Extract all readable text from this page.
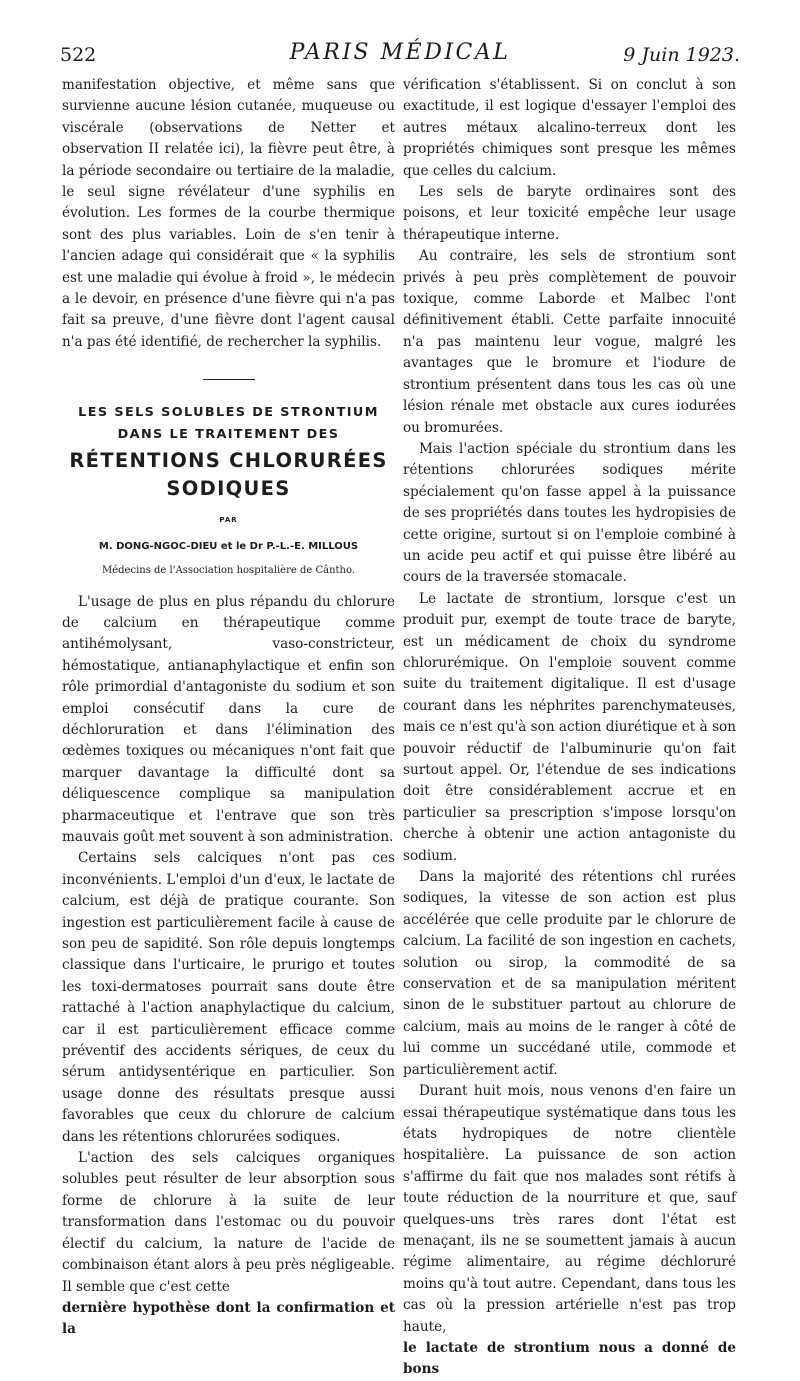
522	PARIS MÉDICAL	9 Juin 1923.

manifestation objective, et même sans que survienne aucune lésion cutanée, muqueuse ou viscérale (observations de Netter et observation II relatée ici), la fièvre peut être, à la période secondaire ou tertiaire de la maladie, le seul signe révélateur d'une syphilis en évolution. Les formes de la courbe thermique sont des plus variables. Loin de s'en tenir à l'ancien adage qui considérait que « la syphilis est une maladie qui évolue à froid », le médecin a le devoir, en présence d'une fièvre qui n'a pas fait sa preuve, d'une fièvre dont l'agent causal n'a pas été identifié, de rechercher la syphilis.

LES SELS SOLUBLES DE STRONTIUM
DANS LE TRAITEMENT DES
RÉTENTIONS CHLORURÉES
SODIQUES
PAR
M. DONG-NGOC-DIEU et le Dr P.-L.-E. MILLOUS
Médecins de l'Association hospitalière de Cântho.

L'usage de plus en plus répandu du chlorure de calcium en thérapeutique comme antihémolysant, vaso-constricteur, hémostatique, antianaphylactique et enfin son rôle primordial d'antagoniste du sodium et son emploi consécutif dans la cure de déchloruration et dans l'élimination des œdèmes toxiques ou mécaniques n'ont fait que marquer davantage la difficulté dont sa déliquescence complique sa manipulation pharmaceutique et l'entrave que son très mauvais goût met souvent à son administration.

Certains sels calciques n'ont pas ces inconvénients. L'emploi d'un d'eux, le lactate de calcium, est déjà de pratique courante. Son ingestion est particulièrement facile à cause de son peu de sapidité. Son rôle depuis longtemps classique dans l'urticaire, le prurigo et toutes les toxi-dermatoses pourrait sans doute être rattaché à l'action anaphylactique du calcium, car il est particulièrement efficace comme préventif des accidents sériques, de ceux du sérum antidysentérique en particulier. Son usage donne des résultats presque aussi favorables que ceux du chlorure de calcium dans les rétentions chlorurées sodiques.

L'action des sels calciques organiques solubles peut résulter de leur absorption sous forme de chlorure à la suite de leur transformation dans l'estomac ou du pouvoir électif du calcium, la nature de l'acide de combinaison étant alors à peu près négligeable. Il semble que c'est cette

dernière hypothèse dont la confirmation et la

vérification s'établissent. Si on conclut à son exactitude, il est logique d'essayer l'emploi des autres métaux alcalino-terreux dont les propriétés chimiques sont presque les mêmes que celles du calcium.

Les sels de baryte ordinaires sont des poisons, et leur toxicité empêche leur usage thérapeutique interne.

Au contraire, les sels de strontium sont privés à peu près complètement de pouvoir toxique, comme Laborde et Malbec l'ont définitivement établi. Cette parfaite innocuité n'a pas maintenu leur vogue, malgré les avantages que le bromure et l'iodure de strontium présentent dans tous les cas où une lésion rénale met obstacle aux cures iodurées ou bromurées.

Mais l'action spéciale du strontium dans les rétentions chlorurées sodiques mérite spécialement qu'on fasse appel à la puissance de ses propriétés dans toutes les hydropisies de cette origine, surtout si on l'emploie combiné à un acide peu actif et qui puisse être libéré au cours de la traversée stomacale.

Le lactate de strontium, lorsque c'est un produit pur, exempt de toute trace de baryte, est un médicament de choix du syndrome chlorurémique. On l'emploie souvent comme suite du traitement digitalique. Il est d'usage courant dans les néphrites parenchymateuses, mais ce n'est qu'à son action diurétique et à son pouvoir réductif de l'albuminurie qu'on fait surtout appel. Or, l'étendue de ses indications doit être considérablement accrue et en particulier sa prescription s'impose lorsqu'on cherche à obtenir une action antagoniste du sodium.

Dans la majorité des rétentions chl rurées sodiques, la vitesse de son action est plus accélérée que celle produite par le chlorure de calcium. La facilité de son ingestion en cachets, solution ou sirop, la commodité de sa conservation et de sa manipulation méritent sinon de le substituer partout au chlorure de calcium, mais au moins de le ranger à côté de lui comme un succédané utile, commode et particulièrement actif.

Durant huit mois, nous venons d'en faire un essai thérapeutique systématique dans tous les états hydropiques de notre clientèle hospitalière. La puissance de son action s'affirme du fait que nos malades sont rétifs à toute réduction de la nourriture et que, sauf quelques-uns très rares dont l'état est menaçant, ils ne se soumettent jamais à aucun régime alimentaire, au régime déchloruré moins qu'à tout autre. Cependant, dans tous les cas où la pression artérielle n'est pas trop haute,

le lactate de strontium nous a donné de bons
